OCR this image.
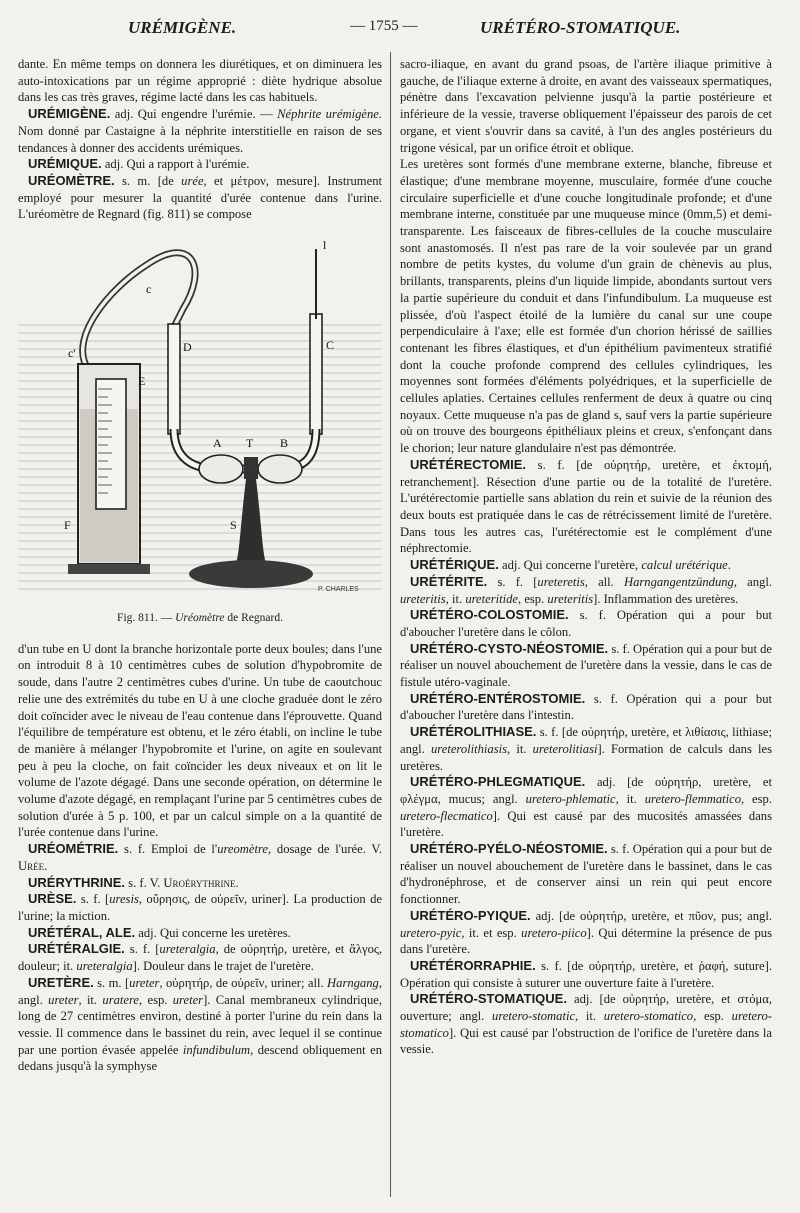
URÉMIGÈNE.	— 1755 —	URÉTÉRO-STOMATIQUE.

dante. En même temps on donnera les diurétiques, et on diminuera les auto-intoxications par un régime approprié : diète hydrique absolue dans les cas très graves, régime lacté dans les cas habituels.

URÉMIGÈNE. adj. Qui engendre l'urémie. — Néphrite urémigène. Nom donné par Castaigne à la néphrite interstitielle en raison de ses tendances à donner des accidents urémiques.

URÉMIQUE. adj. Qui a rapport à l'urémie.

URÉOMÈTRE. s. m. [de urée, et μέτρον, mesure]. Instrument employé pour mesurer la quantité d'urée contenue dans l'urine. L'uréomètre de Regnard (fig. 811) se compose

c
c'	D	C
E
A T B
S
F
l
P. CHARLES
Fig. 811. — Uréomètre de Regnard.

d'un tube en U dont la branche horizontale porte deux boules; dans l'une on introduit 8 à 10 centimètres cubes de solution d'hypobromite de soude, dans l'autre 2 centimètres cubes d'urine. Un tube de caoutchouc relie une des extrémités du tube en U à une cloche graduée dont le zéro doit coïncider avec le niveau de l'eau contenue dans l'éprouvette. Quand l'équilibre de température est obtenu, et le zéro établi, on incline le tube de manière à mélanger l'hypobromite et l'urine, on agite en soulevant peu à peu la cloche, on fait coïncider les deux niveaux et on lit le volume de l'azote dégagé. Dans une seconde opération, on détermine le volume d'azote dégagé, en remplaçant l'urine par 5 centimètres cubes de solution d'urée à 5 p. 100, et par un calcul simple on a la quantité de l'urée contenue dans l'urine.

URÉOMÉTRIE. s. f. Emploi de l'ureomètre, dosage de l'urée. V. Urée.

URÉRYTHRINE. s. f. V. Uroérythrine.

URÈSE. s. f. [uresis, οὔρησις, de οὐρεῖν, uriner]. La production de l'urine; la miction.

URÉTÉRAL, ALE. adj. Qui concerne les uretères.

URÉTÉRALGIE. s. f. [ureteralgia, de οὐρητήρ, uretère, et ἄλγος, douleur; it. ureteralgia]. Douleur dans le trajet de l'uretère.

URETÈRE. s. m. [ureter, οὐρητήρ, de οὐρεῖν, uriner; all. Harngang, angl. ureter, it. uratere, esp. ureter]. Canal membraneux cylindrique, long de 27 centimètres environ, destiné à porter l'urine du rein dans la vessie. Il commence dans le bassinet du rein, avec lequel il se continue par une portion évasée appelée infundibulum, descend obliquement en dedans jusqu'à la symphyse

sacro-iliaque, en avant du grand psoas, de l'artère iliaque primitive à gauche, de l'iliaque externe à droite, en avant des vaisseaux spermatiques, pénètre dans l'excavation pelvienne jusqu'à la partie postérieure et inférieure de la vessie, traverse obliquement l'épaisseur des parois de cet organe, et vient s'ouvrir dans sa cavité, à l'un des angles postérieurs du trigone vésical, par un orifice étroit et oblique.

Les uretères sont formés d'une membrane externe, blanche, fibreuse et élastique; d'une membrane moyenne, musculaire, formée d'une couche circulaire superficielle et d'une couche longitudinale profonde; et d'une membrane interne, constituée par une muqueuse mince (0mm,5) et demi-transparente. Les faisceaux de fibres-cellules de la couche musculaire sont anastomosés. Il n'est pas rare de la voir soulevée par un grand nombre de petits kystes, du volume d'un grain de chènevis au plus, brillants, transparents, pleins d'un liquide limpide, abondants surtout vers la partie supérieure du conduit et dans l'infundibulum. La muqueuse est plissée, d'où l'aspect étoilé de la lumière du canal sur une coupe perpendiculaire à l'axe; elle est formée d'un chorion hérissé de saillies contenant les fibres élastiques, et d'un épithélium pavimenteux stratifié dont la couche profonde comprend des cellules cylindriques, les moyennes sont formées d'éléments polyédriques, et la superficielle de cellules aplaties. Certaines cellules renferment de deux à quatre ou cinq noyaux. Cette muqueuse n'a pas de gland s, sauf vers la partie supérieure où on trouve des bourgeons épithéliaux pleins et creux, s'enfonçant dans le chorion; leur nature glandulaire n'est pas démontrée.

URÉTÉRECTOMIE. s. f. [de οὐρητήρ, uretère, et ἐκτομή, retranchement]. Résection d'une partie ou de la totalité de l'uretère. L'urétérectomie partielle sans ablation du rein et suivie de la réunion des deux bouts est pratiquée dans le cas de rétrécissement limité de l'uretère. Dans tous les autres cas, l'urétérectomie est le complément d'une néphrectomie.

URÉTÉRIQUE. adj. Qui concerne l'uretère, calcul urétérique.

URÉTÉRITE. s. f. [ureteretis, all. Harngangentzündung, angl. ureteritis, it. ureteritide, esp. ureteritis]. Inflammation des uretères.

URÉTÉRO-COLOSTOMIE. s. f. Opération qui a pour but d'aboucher l'uretère dans le côlon.

URÉTÉRO-CYSTO-NÉOSTOMIE. s. f. Opération qui a pour but de réaliser un nouvel abouchement de l'uretère dans la vessie, dans le cas de fistule utéro-vaginale.

URÉTÉRO-ENTÉROSTOMIE. s. f. Opération qui a pour but d'aboucher l'uretère dans l'intestin.

URÉTÉROLITHIASE. s. f. [de οὐρητήρ, uretère, et λιθίασις, lithiase; angl. ureterolithiasis, it. ureterolitiasi]. Formation de calculs dans les uretères.

URÉTÉRO-PHLEGMATIQUE. adj. [de οὐρητήρ, uretère, et φλέγμα, mucus; angl. uretero-phlematic, it. uretero-flemmatico, esp. uretero-flecmatico]. Qui est causé par des mucosités amassées dans l'uretère.

URÉTÉRO-PYÉLO-NÉOSTOMIE. s. f. Opération qui a pour but de réaliser un nouvel abouchement de l'uretère dans le bassinet, dans le cas d'hydronéphrose, et de conserver ainsi un rein qui peut encore fonctionner.

URÉTÉRO-PYIQUE. adj. [de οὐρητήρ, uretère, et πῦον, pus; angl. uretero-pyic, it. et esp. uretero-piico]. Qui détermine la présence de pus dans l'uretère.

URÉTÉRORRAPHIE. s. f. [de οὐρητήρ, uretère, et ῥαφή, suture]. Opération qui consiste à suturer une ouverture faite à l'uretère.

URÉTÉRO-STOMATIQUE. adj. [de οὐρητήρ, uretère, et στόμα, ouverture; angl. uretero-stomatic, it. uretero-stomatico, esp. uretero-stomatico]. Qui est causé par l'obstruction de l'orifice de l'uretère dans la vessie.
